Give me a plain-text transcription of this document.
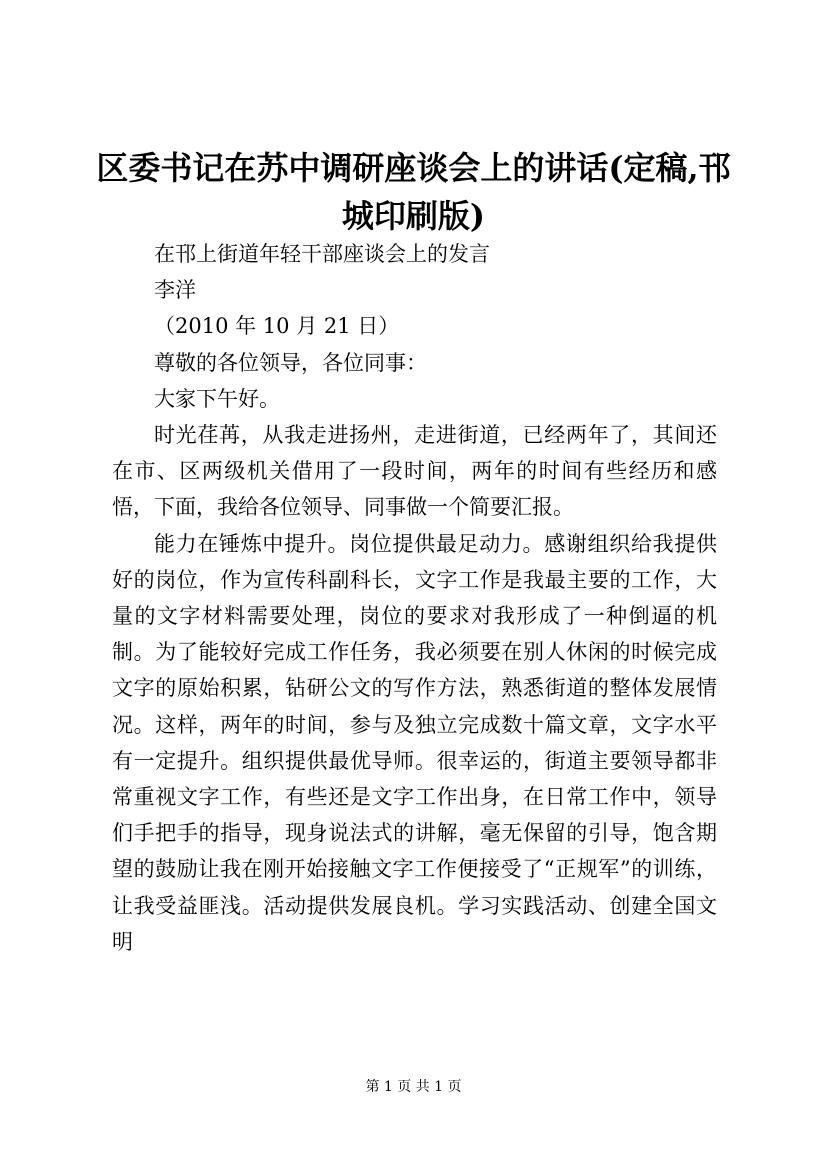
区委书记在苏中调研座谈会上的讲话(定稿,邗城印刷版)

在邗上街道年轻干部座谈会上的发言

李洋

（2010 年 10 月 21 日）

尊敬的各位领导，各位同事：

大家下午好。

时光荏苒，从我走进扬州，走进街道，已经两年了，其间还在市、区两级机关借用了一段时间，两年的时间有些经历和感悟，下面，我给各位领导、同事做一个简要汇报。

能力在锤炼中提升。岗位提供最足动力。感谢组织给我提供好的岗位，作为宣传科副科长，文字工作是我最主要的工作，大量的文字材料需要处理，岗位的要求对我形成了一种倒逼的机制。为了能较好完成工作任务，我必须要在别人休闲的时候完成文字的原始积累，钻研公文的写作方法，熟悉街道的整体发展情况。这样，两年的时间，参与及独立完成数十篇文章，文字水平有一定提升。组织提供最优导师。很幸运的，街道主要领导都非常重视文字工作，有些还是文字工作出身，在日常工作中，领导们手把手的指导，现身说法式的讲解，毫无保留的引导，饱含期望的鼓励让我在刚开始接触文字工作便接受了“正规军”的训练，让我受益匪浅。活动提供发展良机。学习实践活动、创建全国文明

第 1 页 共 1 页
